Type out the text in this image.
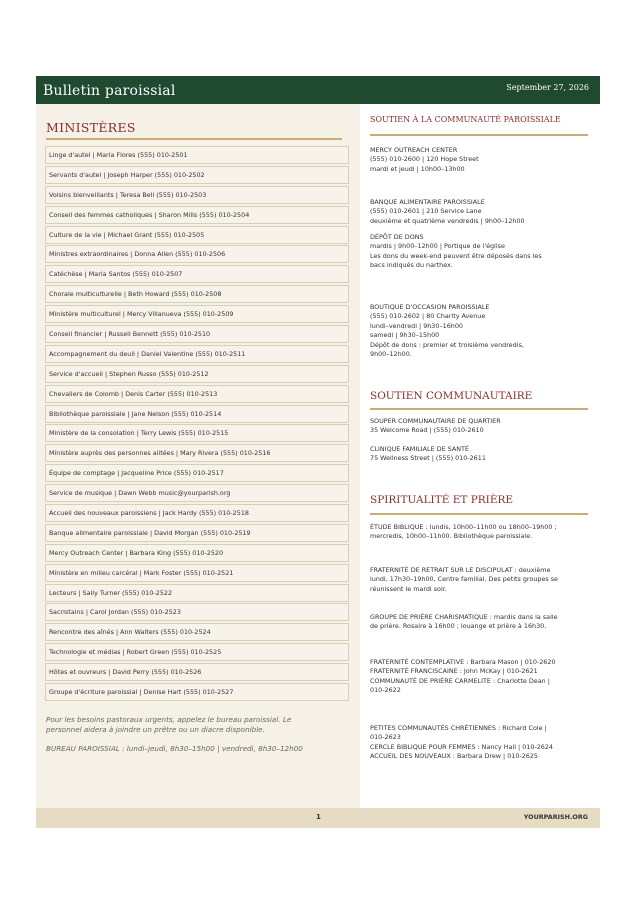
Bulletin paroissial	September 27, 2026
MINISTÈRES
Linge d'autel | Maria Flores (555) 010-2501
Servants d'autel | Joseph Harper (555) 010-2502
Voisins bienveillants | Teresa Bell (555) 010-2503
Conseil des femmes catholiques | Sharon Mills (555) 010-2504
Culture de la vie | Michael Grant (555) 010-2505
Ministres extraordinaires | Donna Allen (555) 010-2506
Catéchèse | Maria Santos (555) 010-2507
Chorale multiculturelle | Beth Howard (555) 010-2508
Ministère multiculturel | Mercy Villanueva (555) 010-2509
Conseil financier | Russell Bennett (555) 010-2510
Accompagnement du deuil | Daniel Valentine (555) 010-2511
Service d'accueil | Stephen Russo (555) 010-2512
Chevaliers de Colomb | Denis Carter (555) 010-2513
Bibliothèque paroissiale | Jane Nelson (555) 010-2514
Ministère de la consolation | Terry Lewis (555) 010-2515
Ministère auprès des personnes alitées | Mary Rivera (555) 010-2516
Équipe de comptage | Jacqueline Price (555) 010-2517
Service de musique | Dawn Webb music@yourparish.org
Accueil des nouveaux paroissiens | Jack Hardy (555) 010-2518
Banque alimentaire paroissiale | David Morgan (555) 010-2519
Mercy Outreach Center | Barbara King (555) 010-2520
Ministère en milieu carcéral | Mark Foster (555) 010-2521
Lecteurs | Sally Turner (555) 010-2522
Sacristains | Carol Jordan (555) 010-2523
Rencontre des aînés | Ann Walters (555) 010-2524
Technologie et médias | Robert Green (555) 010-2525
Hôtes et ouvreurs | David Perry (555) 010-2526
Groupe d'écriture paroissial | Denise Hart (555) 010-2527
Pour les besoins pastoraux urgents, appelez le bureau paroissial. Le personnel aidera à joindre un prêtre ou un diacre disponible.
BUREAU PAROISSIAL : lundi–jeudi, 8h30–15h00 | vendredi, 8h30–12h00
SOUTIEN À LA COMMUNAUTÉ PAROISSIALE
MERCY OUTREACH CENTER
(555) 010-2600 | 120 Hope Street
mardi et jeudi | 10h00–13h00
BANQUE ALIMENTAIRE PAROISSIALE
(555) 010-2601 | 210 Service Lane
deuxième et quatrième vendredis | 9h00–12h00
DÉPÔT DE DONS
mardis | 9h00–12h00 | Portique de l'église
Les dons du week-end peuvent être déposés dans les
bacs indiqués du narthex.
BOUTIQUE D'OCCASION PAROISSIALE
(555) 010-2602 | 80 Charity Avenue
lundi–vendredi | 9h30–16h00
samedi | 9h30–15h00
Dépôt de dons : premier et troisième vendredis,
9h00–12h00.
SOUTIEN COMMUNAUTAIRE
SOUPER COMMUNAUTAIRE DE QUARTIER
35 Welcome Road | (555) 010-2610
CLINIQUE FAMILIALE DE SANTÉ
75 Wellness Street | (555) 010-2611
SPIRITUALITÉ ET PRIÈRE
ÉTUDE BIBLIQUE : lundis, 10h00–11h00 ou 18h00–19h00 ;
mercredis, 10h00–11h00. Bibliothèque paroissiale.
FRATERNITÉ DE RETRAIT SUR LE DISCIPULAT : deuxième
lundi, 17h30–19h00, Centre familial. Des petits groupes se
réunissent le mardi soir.
GROUPE DE PRIÈRE CHARISMATIQUE : mardis dans la salle
de prière. Rosaire à 16h00 ; louange et prière à 16h30.
FRATERNITÉ CONTEMPLATIVE : Barbara Mason | 010-2620
FRATERNITÉ FRANCISCAINE : John McKay | 010-2621
COMMUNAUTÉ DE PRIÈRE CARMELITE : Charlotte Dean |
010-2622
PETITES COMMUNAUTÉS CHRÉTIENNES : Richard Cole |
010-2623
CERCLE BIBLIQUE POUR FEMMES : Nancy Hall | 010-2624
ACCUEIL DES NOUVEAUX : Barbara Drew | 010-2625
1	YOURPARISH.ORG
